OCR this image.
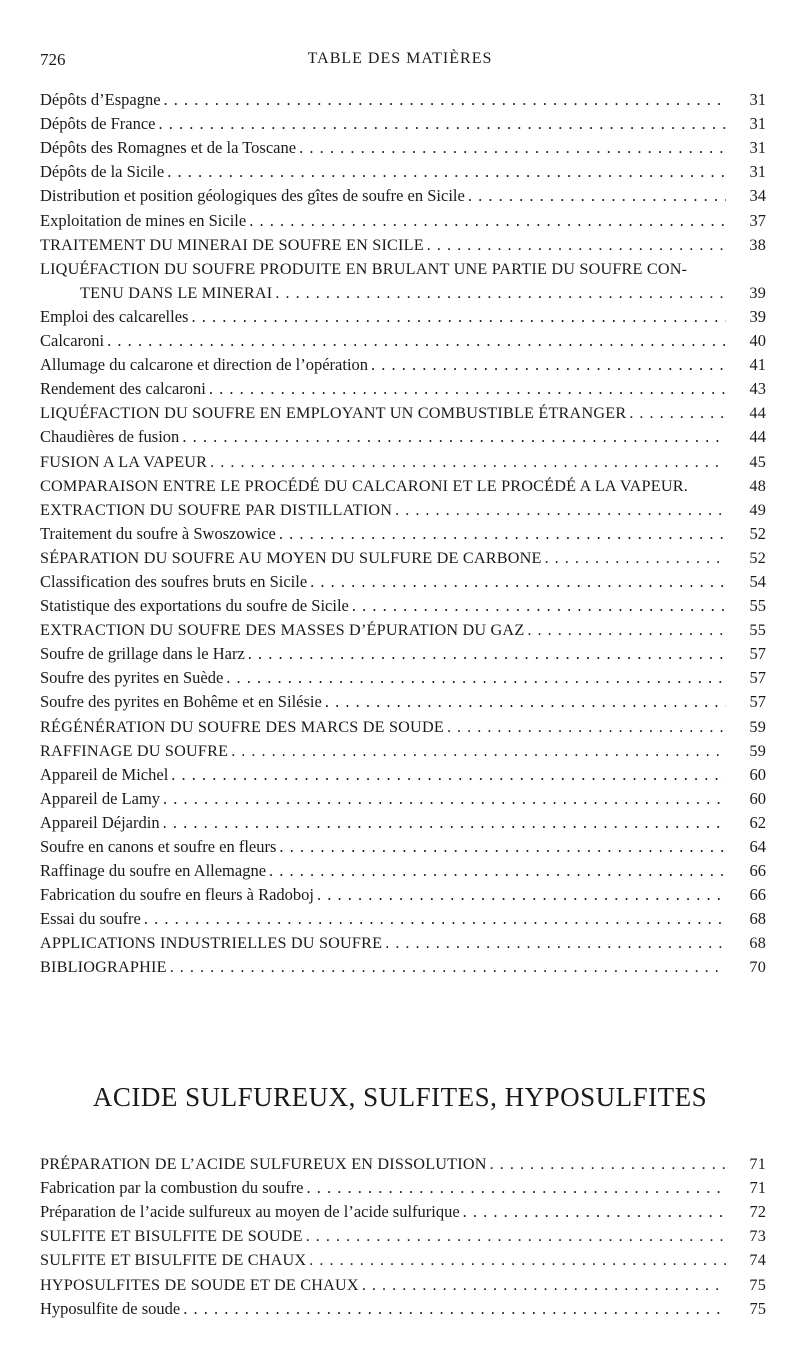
726	TABLE DES MATIÈRES
Dépôts d’Espagne . . .	31
Dépôts de France . . .	31
Dépôts des Romagnes et de la Toscane . . .	31
Dépôts de la Sicile . . .	31
Distribution et position géologiques des gîtes de soufre en Sicile . . .	34
Exploitation de mines en Sicile . . .	37
TRAITEMENT DU MINERAI DE SOUFRE EN SICILE . . .	38
LIQUÉFACTION DU SOUFRE PRODUITE EN BRULANT UNE PARTIE DU SOUFRE CON-
TENU DANS LE MINERAI . . .	39
Emploi des calcarelles . . .	39
Calcaroni . . .	40
Allumage du calcarone et direction de l’opération . . .	41
Rendement des calcaroni . . .	43
LIQUÉFACTION DU SOUFRE EN EMPLOYANT UN COMBUSTIBLE ÉTRANGER . . .	44
Chaudières de fusion . . .	44
FUSION A LA VAPEUR . . .	45
COMPARAISON ENTRE LE PROCÉDÉ DU CALCARONI ET LE PROCÉDÉ A LA VAPEUR.	48
EXTRACTION DU SOUFRE PAR DISTILLATION . . .	49
Traitement du soufre à Swoszowice . . .	52
SÉPARATION DU SOUFRE AU MOYEN DU SULFURE DE CARBONE . . .	52
Classification des soufres bruts en Sicile . . .	54
Statistique des exportations du soufre de Sicile . . .	55
EXTRACTION DU SOUFRE DES MASSES D’ÉPURATION DU GAZ . . .	55
Soufre de grillage dans le Harz . . .	57
Soufre des pyrites en Suède . . .	57
Soufre des pyrites en Bohême et en Silésie . . .	57
RÉGÉNÉRATION DU SOUFRE DES MARCS DE SOUDE . . .	59
RAFFINAGE DU SOUFRE . . .	59
Appareil de Michel . . .	60
Appareil de Lamy . . .	60
Appareil Déjardin . . .	62
Soufre en canons et soufre en fleurs . . .	64
Raffinage du soufre en Allemagne . . .	66
Fabrication du soufre en fleurs à Radoboj . . .	66
Essai du soufre . . .	68
APPLICATIONS INDUSTRIELLES DU SOUFRE . . .	68
BIBLIOGRAPHIE . . .	70
ACIDE SULFUREUX, SULFITES, HYPOSULFITES
PRÉPARATION DE L’ACIDE SULFUREUX EN DISSOLUTION . . .	71
Fabrication par la combustion du soufre . . .	71
Préparation de l’acide sulfureux au moyen de l’acide sulfurique . . .	72
SULFITE ET BISULFITE DE SOUDE . . .	73
SULFITE ET BISULFITE DE CHAUX . . .	74
HYPOSULFITES DE SOUDE ET DE CHAUX . . .	75
Hyposulfite de soude . . .	75
